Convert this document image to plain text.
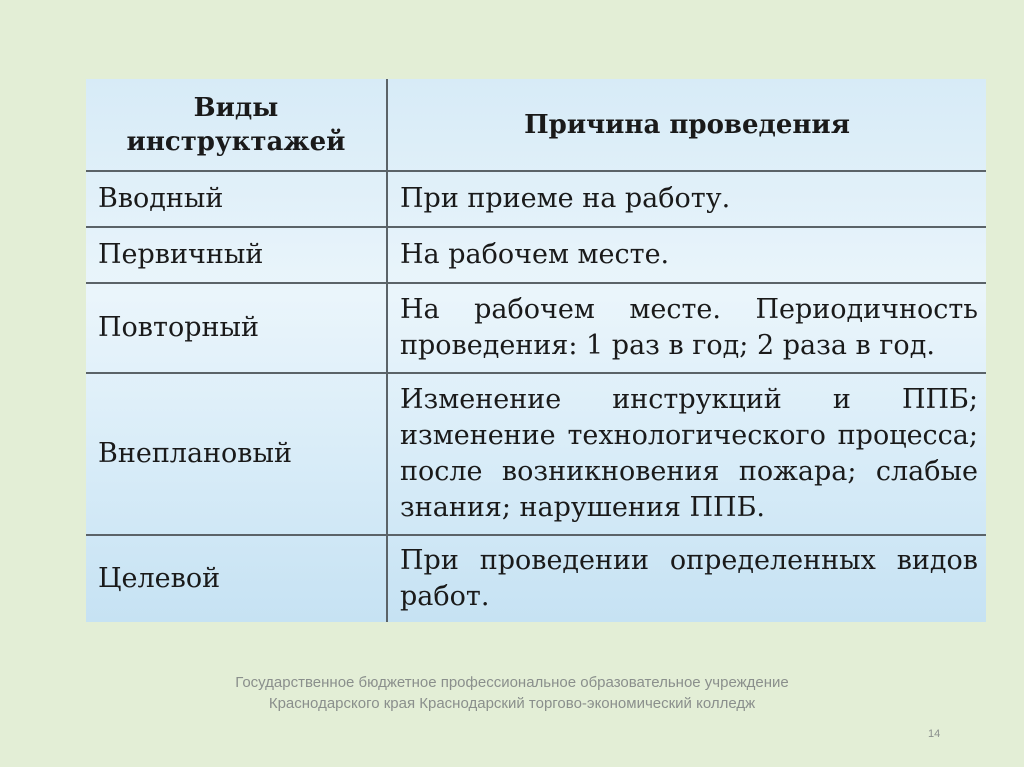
Виды инструктажей	Причина проведения
Вводный	При приеме на работу.
Первичный	На рабочем месте.
Повторный	На рабочем месте. Периодичность проведения: 1 раз в год; 2 раза в год.
Внеплановый	Изменение инструкций и ППБ; изменение технологического процесса; после возникновения пожара; слабые знания; нарушения ППБ.
Целевой	При проведении определенных видов работ.
Государственное бюджетное профессиональное образовательное учреждение
Краснодарского края Краснодарский торгово-экономический колледж
14
